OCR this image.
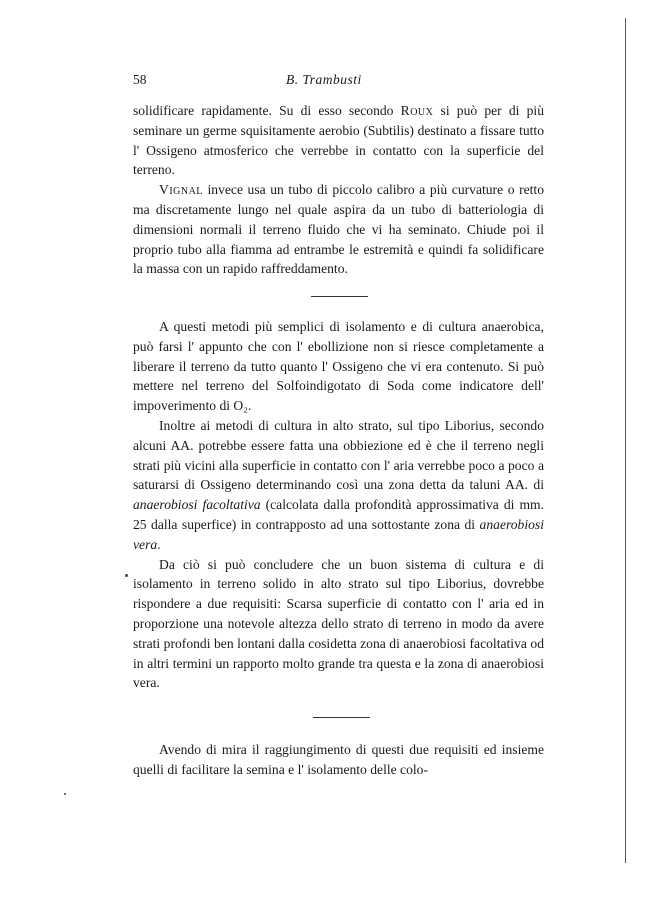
58	B. Trambusti

solidificare rapidamente. Su di esso secondo Roux si può per di più seminare un germe squisitamente aerobio (Subtilis) destinato a fissare tutto l' Ossigeno atmosferico che verrebbe in contatto con la superficie del terreno.

Vignal invece usa un tubo di piccolo calibro a più curvature o retto ma discretamente lungo nel quale aspira da un tubo di batteriologia di dimensioni normali il terreno fluido che vi ha seminato. Chiude poi il proprio tubo alla fiamma ad entrambe le estremità e quindi fa solidificare la massa con un rapido raffreddamento.

A questi metodi più semplici di isolamento e di cultura anaerobica, può farsi l' appunto che con l' ebollizione non si riesce completamente a liberare il terreno da tutto quanto l' Ossigeno che vi era contenuto. Si può mettere nel terreno del Solfoindigotato di Soda come indicatore dell' impoverimento di O₂.

Inoltre ai metodi di cultura in alto strato, sul tipo Liborius, secondo alcuni AA. potrebbe essere fatta una obbiezione ed è che il terreno negli strati più vicini alla superficie in contatto con l' aria verrebbe poco a poco a saturarsi di Ossigeno determinando così una zona detta da taluni AA. di anaerobiosi facoltativa (calcolata dalla profondità approssimativa di mm. 25 dalla superfice) in contrapposto ad una sottostante zona di anaerobiosi vera.

Da ciò si può concludere che un buon sistema di cultura e di isolamento in terreno solido in alto strato sul tipo Liborius, dovrebbe rispondere a due requisiti: Scarsa superficie di contatto con l' aria ed in proporzione una notevole altezza dello strato di terreno in modo da avere strati profondi ben lontani dalla cosidetta zona di anaerobiosi facoltativa od in altri termini un rapporto molto grande tra questa e la zona di anaerobiosi vera.

Avendo di mira il raggiungimento di questi due requisiti ed insieme quelli di facilitare la semina e l' isolamento delle colo-
